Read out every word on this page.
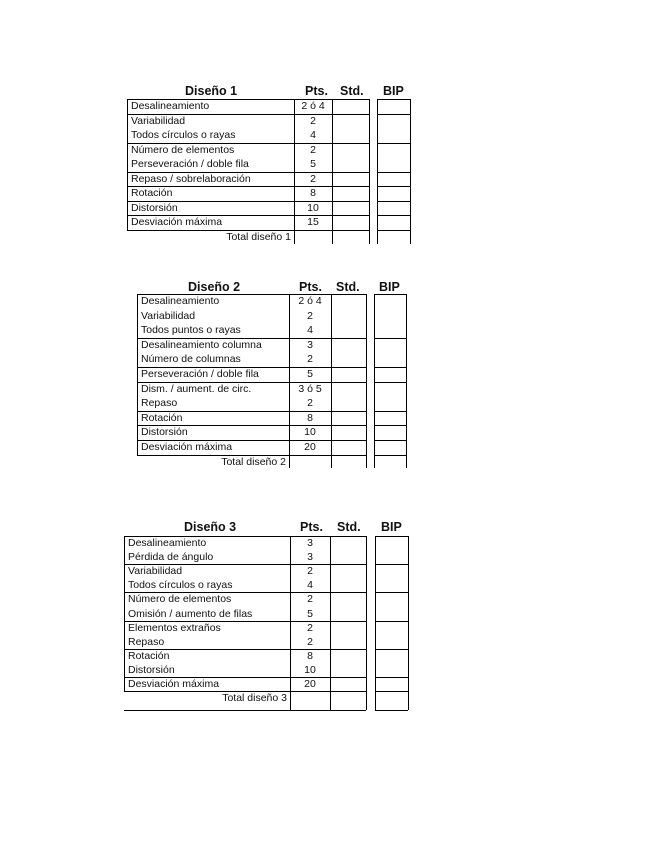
Diseño 1	Pts. Std. BIP
Desalineamiento	2 ó 4
Variabilidad	2
Todos círculos o rayas	4
Número de elementos	2
Perseveración / doble fila	5
Repaso / sobrelaboración	2
Rotación	8
Distorsión	10
Desviación máxima	15
Total diseño 1
Diseño 2	Pts. Std. BIP
Desalineamiento	2 ó 4
Variabilidad	2
Todos puntos o rayas	4
Desalineamiento columna	3
Número de columnas	2
Perseveración / doble fila	5
Dism. / aument. de circ.	3 ó 5
Repaso	2
Rotación	8
Distorsión	10
Desviación máxima	20
Total diseño 2
Diseño 3	Pts. Std. BIP
Desalineamiento	3
Pérdida de ángulo	3
Variabilidad	2
Todos círculos o rayas	4
Número de elementos	2
Omisión / aumento de filas	5
Elementos extraños	2
Repaso	2
Rotación	8
Distorsión	10
Desviación máxima	20
Total diseño 3
